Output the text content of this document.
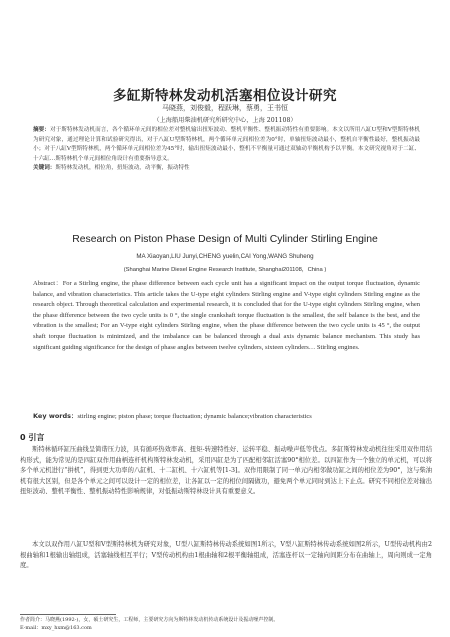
多缸斯特林发动机活塞相位设计研究
马晓燕，刘俊毅，程跃琳，蔡勇，王书恒
（上海船用柴油机研究所研究中心，上海 201108）

摘要：对于斯特林发动机而言，各个循环单元间的相位差对整机输出扭矩波动、整机平衡性、整机振动特性有重要影响。本文以所用八缸U型和V型斯特林机为研究对象，通过理论计算和试验研究得出，对于八缸U型斯特林机，两个循环单元间相位差为0°时，单轴扭矩波动最小，整机自平衡性最好，整机振动最小；对于八缸V型斯特林机，两个循环单元间相位差为45°时，输出扭矩波动最小，整机不平衡量可通过双轴动平衡机构予以平衡。本文研究视角对于二缸、十六缸…斯特林机个单元间相位角设计有重要指导意义。

关键词：斯特林发动机，相位角，扭矩波动，动平衡，振动特性

Research on Piston Phase Design of Multi Cylinder Stirling Engine
MA Xiaoyan,LIU Junyi,CHENG yuelin,CAI Yong,WANG Shuheng
(Shanghai Marine Diesel Engine Research Institute, Shanghai201108，China )
Abstract：For a Stirling engine, the phase difference between each cycle unit has a significant impact on the output torque fluctuation, dynamic balance, and vibration characteristics. This article takes the U-type eight cylinders Stirling engine and V-type eight cylinders Stirling engine as the research object. Through theoretical calculation and experimental research, it is concluded that for the U-type eight cylinders Stirling engine, when the phase difference between the two cycle units is 0 °, the single crankshaft torque fluctuation is the smallest, the self balance is the best, and the vibration is the smallest; For an V-type eight cylinders Stirling engine, when the phase difference between the two cycle units is 45 °, the output shaft torque fluctuation is minimized, and the imbalance can be balanced through a dual axis dynamic balance mechanism. This study has significant guiding significance for the design of phase angles between twelve cylinders, sixteen cylinders… Stirling engines.
Key words：stirling engine; piston phase; torque fluctuation; dynamic balance;vibration characteristics
0 引言

斯特林循环缸压曲线呈简谐压力波，具有循环热效率高、扭矩-转速特性好、运转平稳、振动噪声低等优点。多缸斯特林发动机往往采用双作用结构形式，能为常见的是四缸双作用曲柄连杆机构斯特林发动机，采用四缸是为了匹配相邻缸活塞90°相位差。以四缸作为一个独立的单元机，可以将多个单元机进行“拼机”，得到更大功率的八缸机、十二缸机、十六缸机等[1-3]。双作用限制了同一单元内相邻做功缸之间的相位差为90°，这与柴油机有很大区别，但是各个单元之间可以设计一定的相位差，让各缸以一定的相位间隔做功，避免两个单元同时到达上下止点。研究不同相位差对输出扭矩波动、整机平衡性、整机振动特性影响规律，对低振动斯特林设计具有重要意义。

本文以双作用八缸U型和V型斯特林机为研究对象，U型八缸斯特林传动系统如图1所示，V型八缸斯特林传动系统如图2所示，U型传动机构由2根曲轴和1根输出轴组成，活塞轴线相互平行；V型传动机构由1根曲轴和2根平衡轴组成，活塞连杆以一定轴向间距分布在曲轴上，周向则成一定角度。

作者简介：马晓燕(1992-)，女，硕士研究生，工程师，主要研究方向为斯特林发动机传动系统设计及振动噪声控制。
E-mail：mxy_hxm@163.com
